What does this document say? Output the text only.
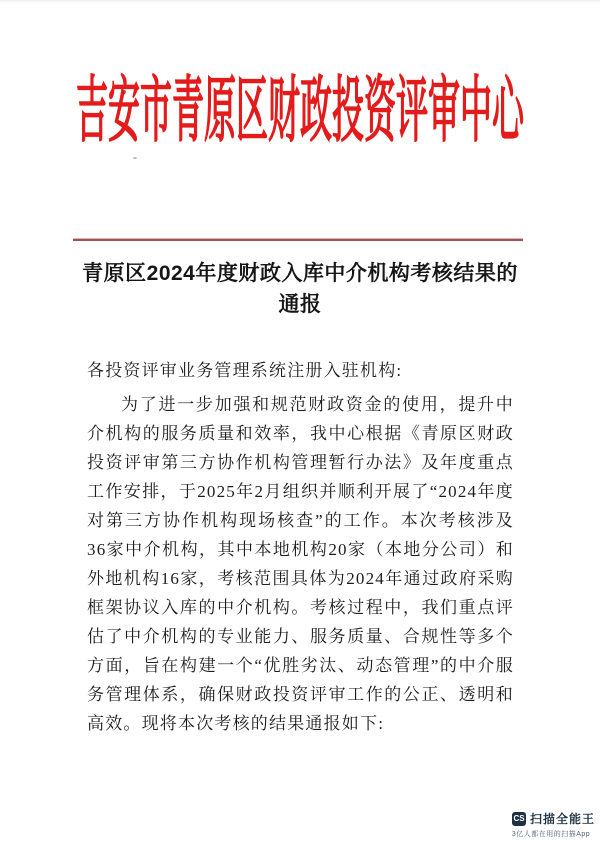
吉安市青原区财政投资评审中心
青原区2024年度财政入库中介机构考核结果的通报
各投资评审业务管理系统注册入驻机构:

为了进一步加强和规范财政资金的使用，提升中介机构的服务质量和效率，我中心根据《青原区财政投资评审第三方协作机构管理暂行办法》及年度重点工作安排，于2025年2月组织并顺利开展了“2024年度对第三方协作机构现场核查”的工作。本次考核涉及36家中介机构，其中本地机构20家（本地分公司）和外地机构16家，考核范围具体为2024年通过政府采购框架协议入库的中介机构。考核过程中，我们重点评估了中介机构的专业能力、服务质量、合规性等多个方面，旨在构建一个“优胜劣汰、动态管理”的中介服务管理体系，确保财政投资评审工作的公正、透明和高效。现将本次考核的结果通报如下:

CS 扫描全能王
3亿人都在用的扫描App
